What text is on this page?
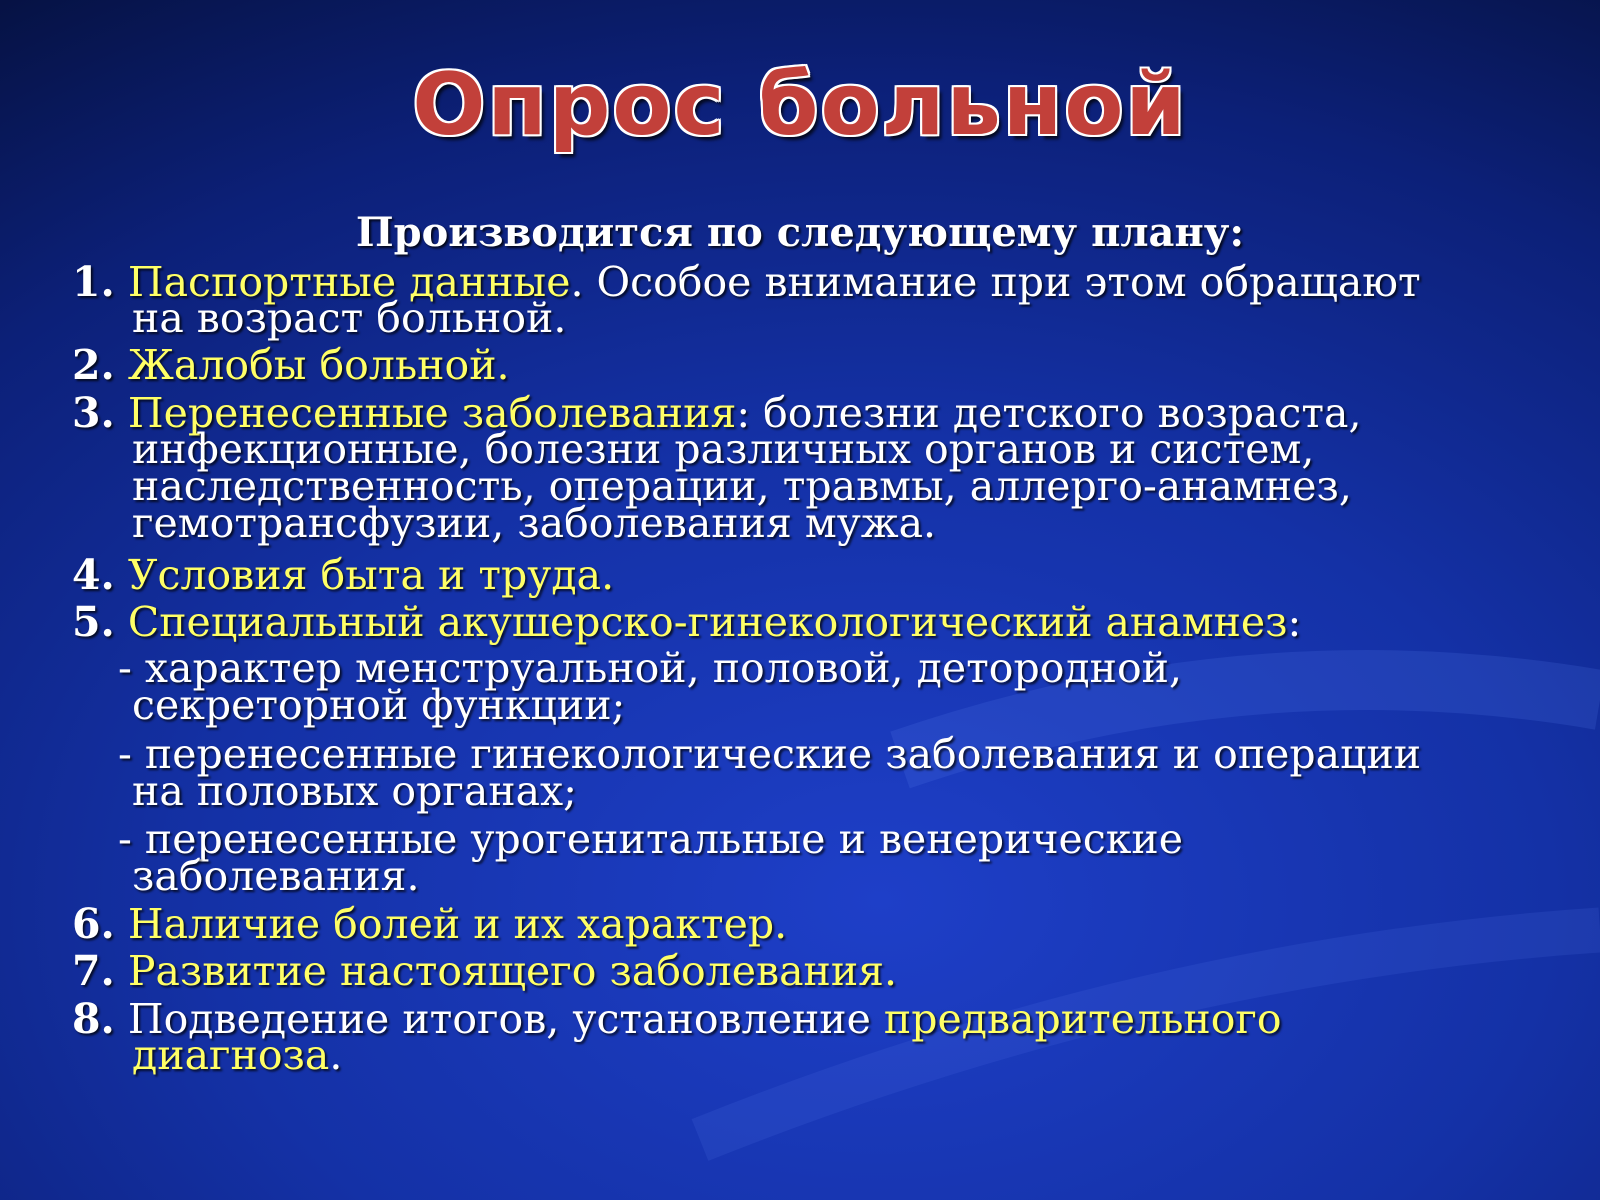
Опрос больной
Производится по следующему плану:
1. Паспортные данные. Особое внимание при этом обращают
на возраст больной.
2. Жалобы больной.
3. Перенесенные заболевания: болезни детского возраста,
инфекционные, болезни различных органов и систем,
наследственность, операции, травмы, аллерго-анамнез,
гемотрансфузии, заболевания мужа.
4. Условия быта и труда.
5. Специальный акушерско-гинекологический анамнез:
- характер менструальной, половой, детородной,
секреторной функции;
- перенесенные гинекологические заболевания и операции
на половых органах;
- перенесенные урогенитальные и венерические
заболевания.
6. Наличие болей и их характер.
7. Развитие настоящего заболевания.
8. Подведение итогов, установление предварительного
диагноза.
